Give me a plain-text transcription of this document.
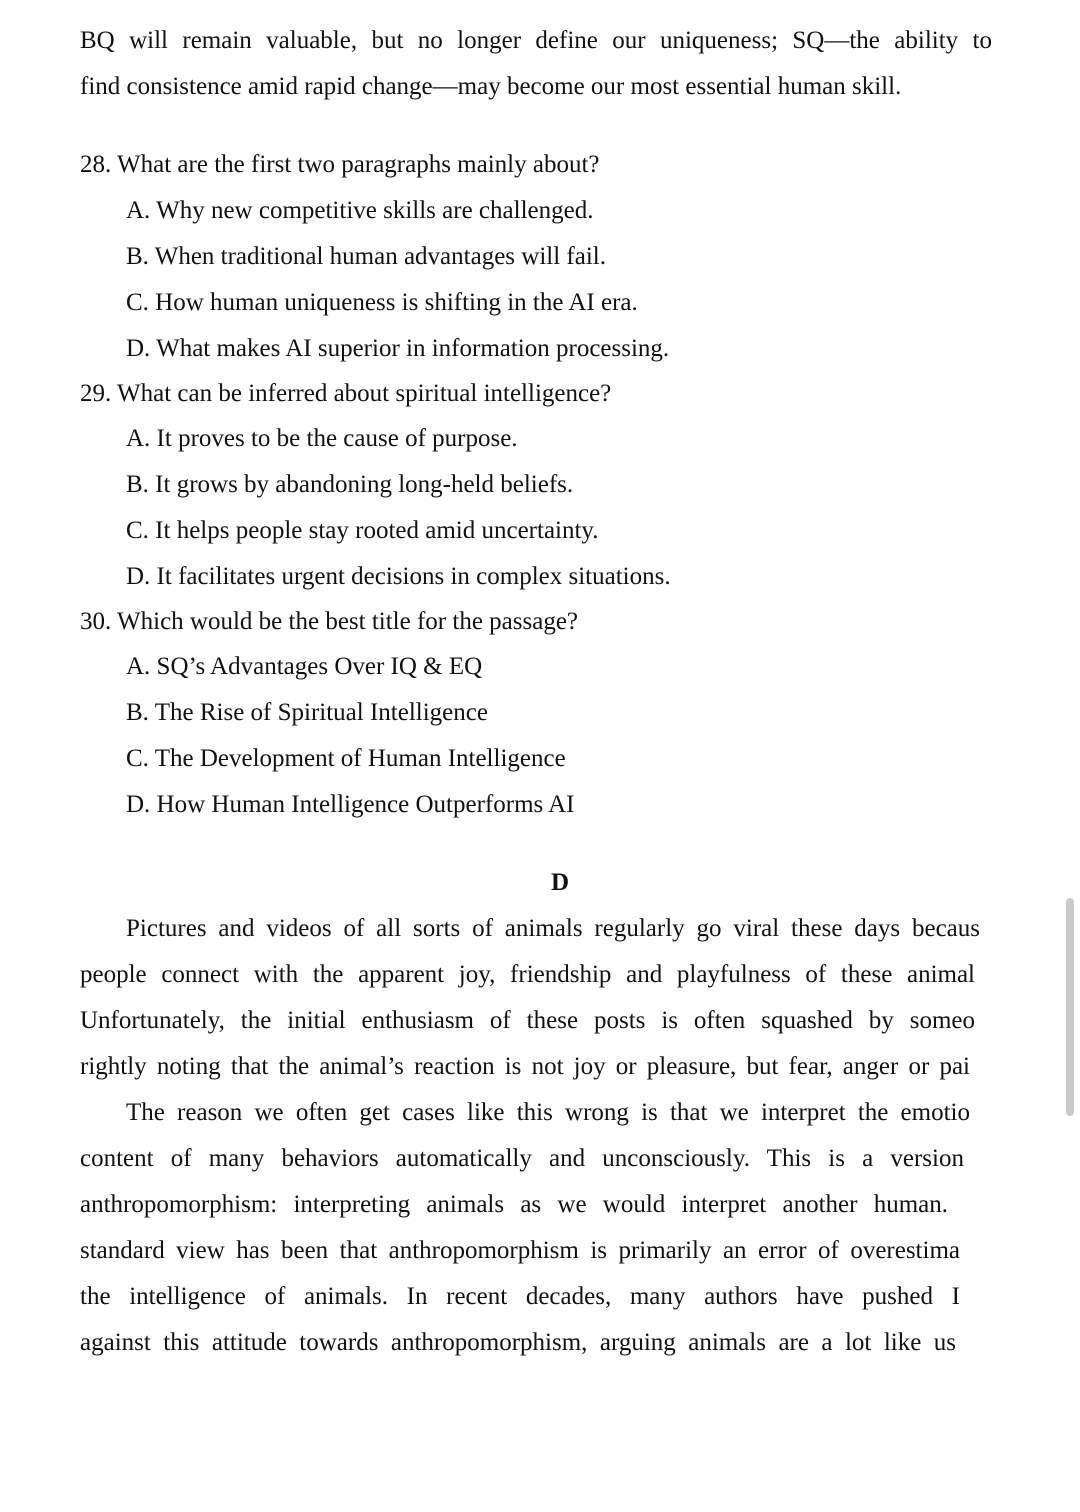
BQ will remain valuable, but no longer define our uniqueness; SQ—the ability to
find consistence amid rapid change—may become our most essential human skill.
28. What are the first two paragraphs mainly about?
A. Why new competitive skills are challenged.
B. When traditional human advantages will fail.
C. How human uniqueness is shifting in the AI era.
D. What makes AI superior in information processing.
29. What can be inferred about spiritual intelligence?
A. It proves to be the cause of purpose.
B. It grows by abandoning long-held beliefs.
C. It helps people stay rooted amid uncertainty.
D. It facilitates urgent decisions in complex situations.
30. Which would be the best title for the passage?
A. SQ’s Advantages Over IQ & EQ
B. The Rise of Spiritual Intelligence
C. The Development of Human Intelligence
D. How Human Intelligence Outperforms AI
D
Pictures and videos of all sorts of animals regularly go viral these days becaus
people connect with the apparent joy, friendship and playfulness of these animal
Unfortunately, the initial enthusiasm of these posts is often squashed by someo
rightly noting that the animal’s reaction is not joy or pleasure, but fear, anger or pai
The reason we often get cases like this wrong is that we interpret the emotio
content of many behaviors automatically and unconsciously. This is a version
anthropomorphism: interpreting animals as we would interpret another human.
standard view has been that anthropomorphism is primarily an error of overestima
the intelligence of animals. In recent decades, many authors have pushed I
against this attitude towards anthropomorphism, arguing animals are a lot like us
